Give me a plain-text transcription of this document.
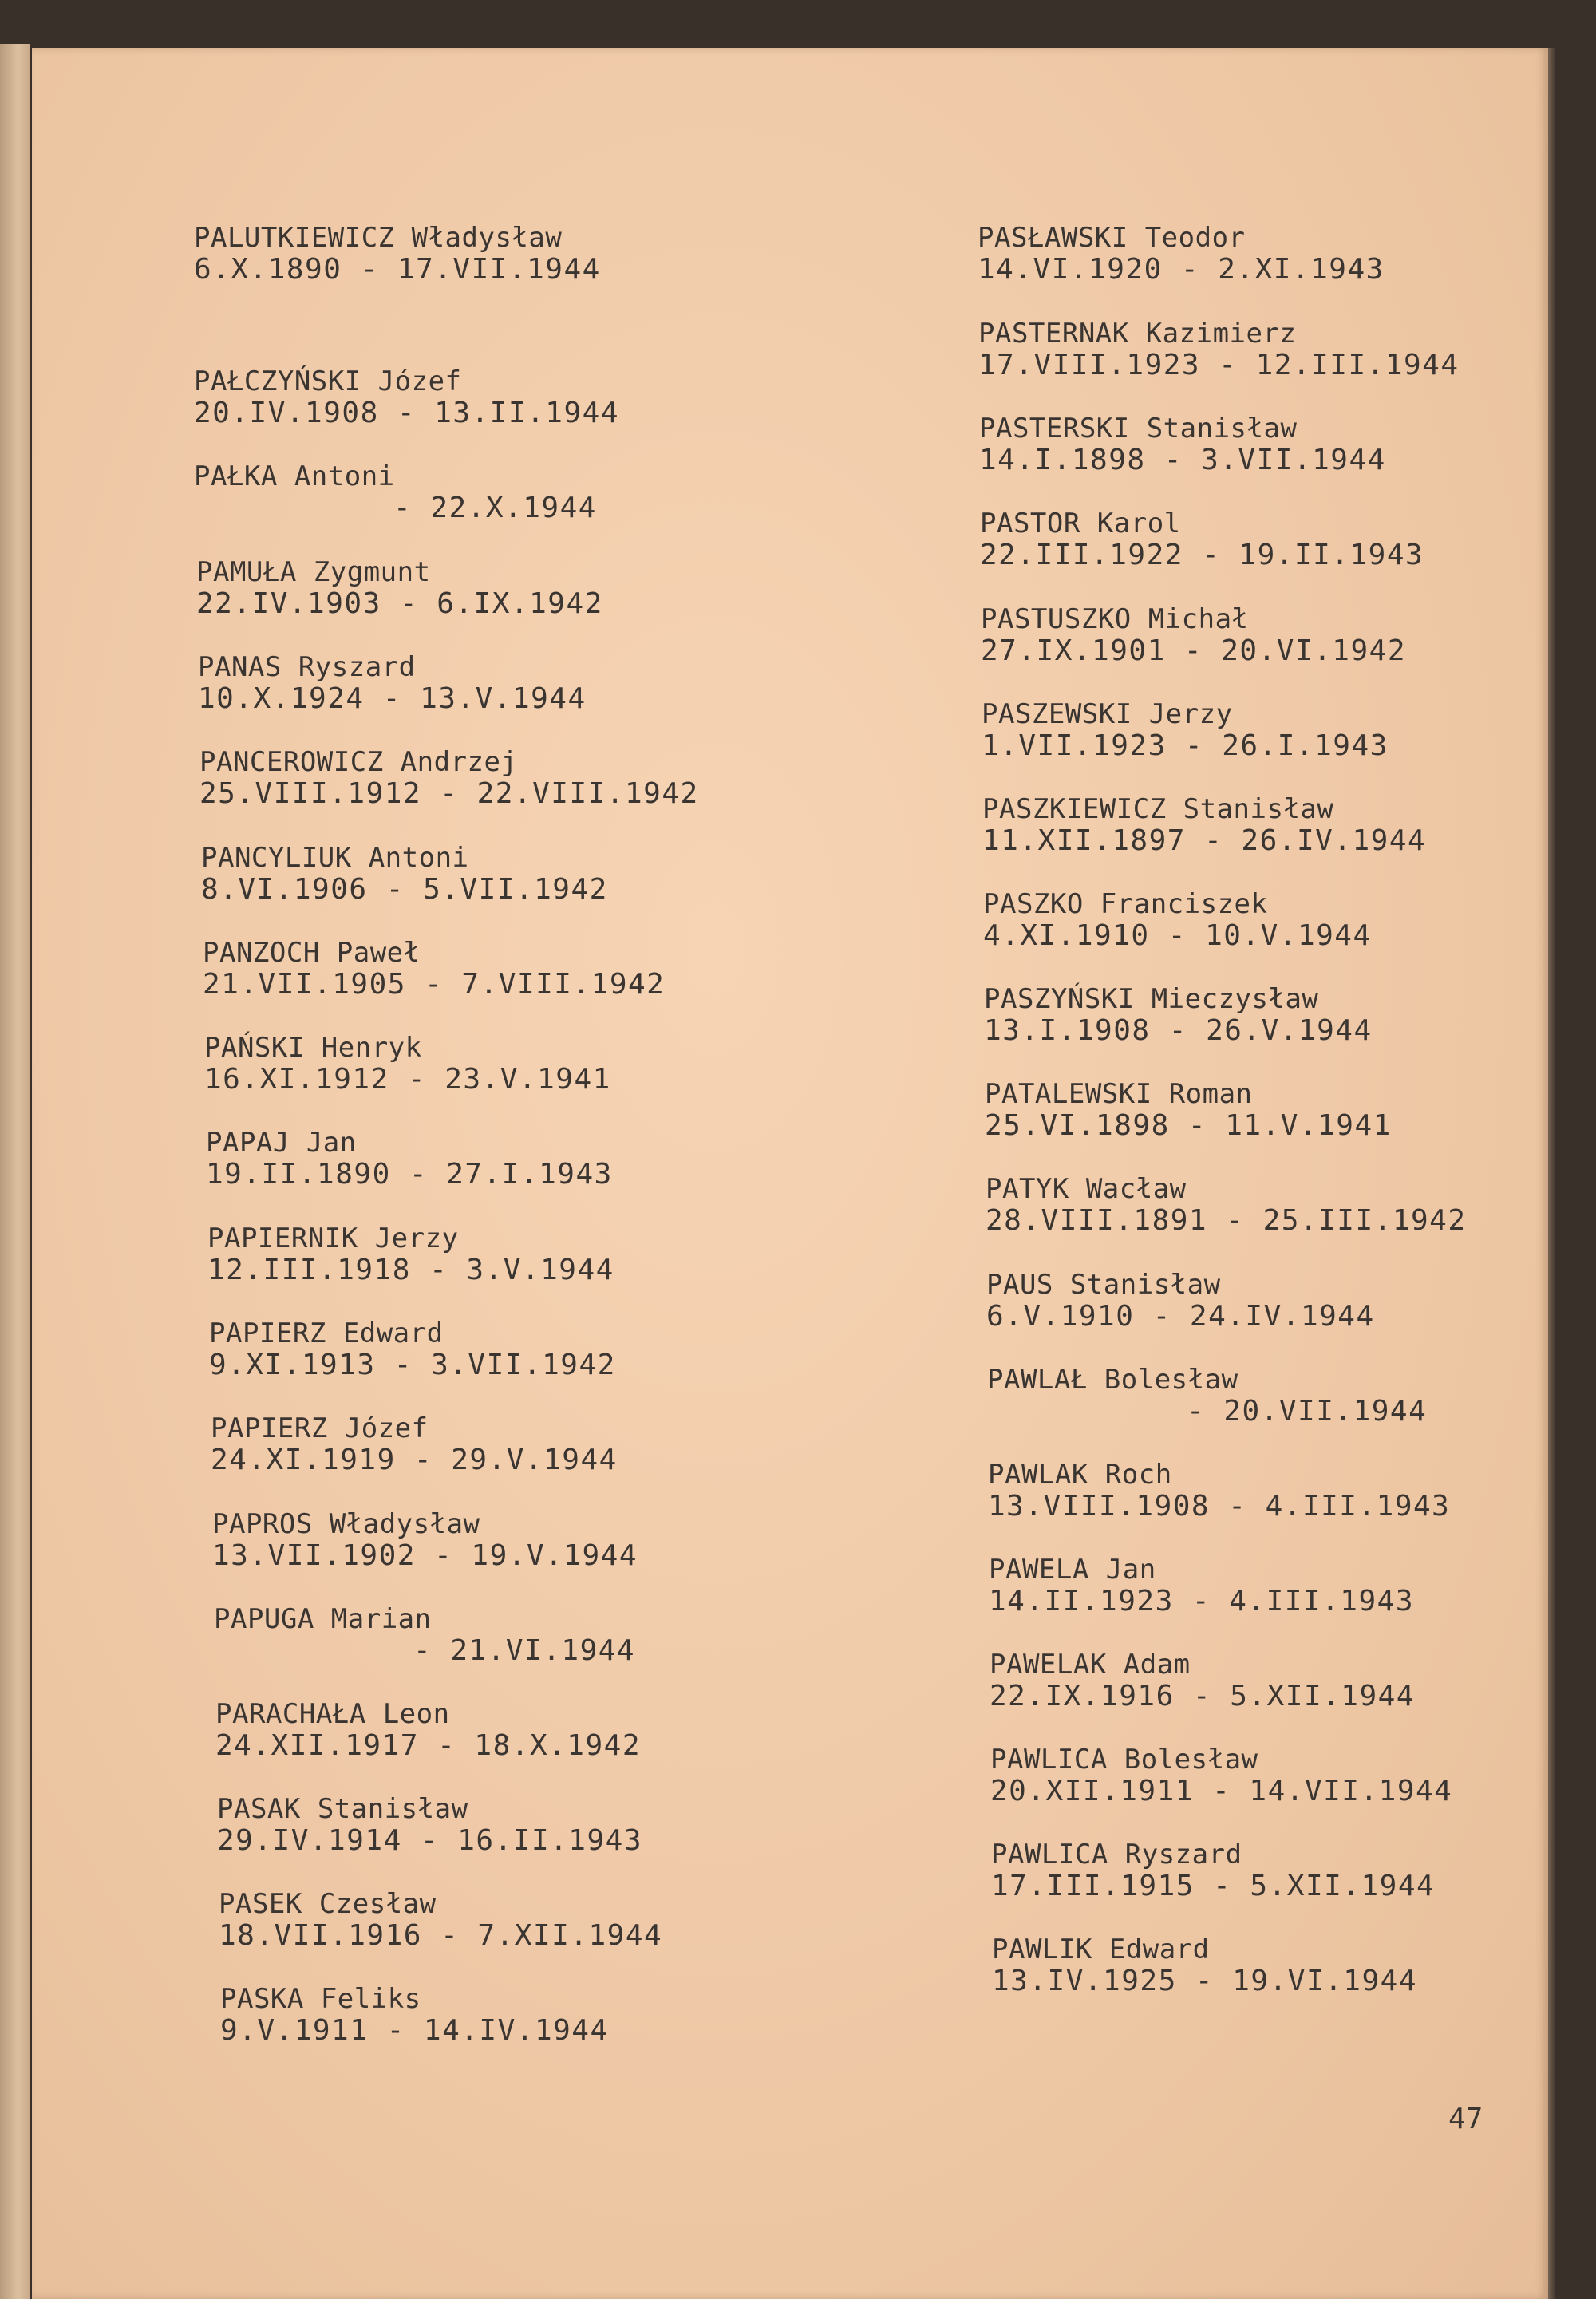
PALUTKIEWICZ Władysław
6.X.1890 - 17.VII.1944
PAŁCZYŃSKI Józef
20.IV.1908 - 13.II.1944
PAŁKA Antoni
- 22.X.1944
PAMUŁA Zygmunt
22.IV.1903 - 6.IX.1942
PANAS Ryszard
10.X.1924 - 13.V.1944
PANCEROWICZ Andrzej
25.VIII.1912 - 22.VIII.1942
PANCYLIUK Antoni
8.VI.1906 - 5.VII.1942
PANZOCH Paweł
21.VII.1905 - 7.VIII.1942
PAŃSKI Henryk
16.XI.1912 - 23.V.1941
PAPAJ Jan
19.II.1890 - 27.I.1943
PAPIERNIK Jerzy
12.III.1918 - 3.V.1944
PAPIERZ Edward
9.XI.1913 - 3.VII.1942
PAPIERZ Józef
24.XI.1919 - 29.V.1944
PAPROS Władysław
13.VII.1902 - 19.V.1944
PAPUGA Marian
- 21.VI.1944
PARACHAŁA Leon
24.XII.1917 - 18.X.1942
PASAK Stanisław
29.IV.1914 - 16.II.1943
PASEK Czesław
18.VII.1916 - 7.XII.1944
PASKA Feliks
9.V.1911 - 14.IV.1944
PASŁAWSKI Teodor
14.VI.1920 - 2.XI.1943
PASTERNAK Kazimierz
17.VIII.1923 - 12.III.1944
PASTERSKI Stanisław
14.I.1898 - 3.VII.1944
PASTOR Karol
22.III.1922 - 19.II.1943
PASTUSZKO Michał
27.IX.1901 - 20.VI.1942
PASZEWSKI Jerzy
1.VII.1923 - 26.I.1943
PASZKIEWICZ Stanisław
11.XII.1897 - 26.IV.1944
PASZKO Franciszek
4.XI.1910 - 10.V.1944
PASZYŃSKI Mieczysław
13.I.1908 - 26.V.1944
PATALEWSKI Roman
25.VI.1898 - 11.V.1941
PATYK Wacław
28.VIII.1891 - 25.III.1942
PAUS Stanisław
6.V.1910 - 24.IV.1944
PAWLAŁ Bolesław
- 20.VII.1944
PAWLAK Roch
13.VIII.1908 - 4.III.1943
PAWELA Jan
14.II.1923 - 4.III.1943
PAWELAK Adam
22.IX.1916 - 5.XII.1944
PAWLICA Bolesław
20.XII.1911 - 14.VII.1944
PAWLICA Ryszard
17.III.1915 - 5.XII.1944
PAWLIK Edward
13.IV.1925 - 19.VI.1944
47
